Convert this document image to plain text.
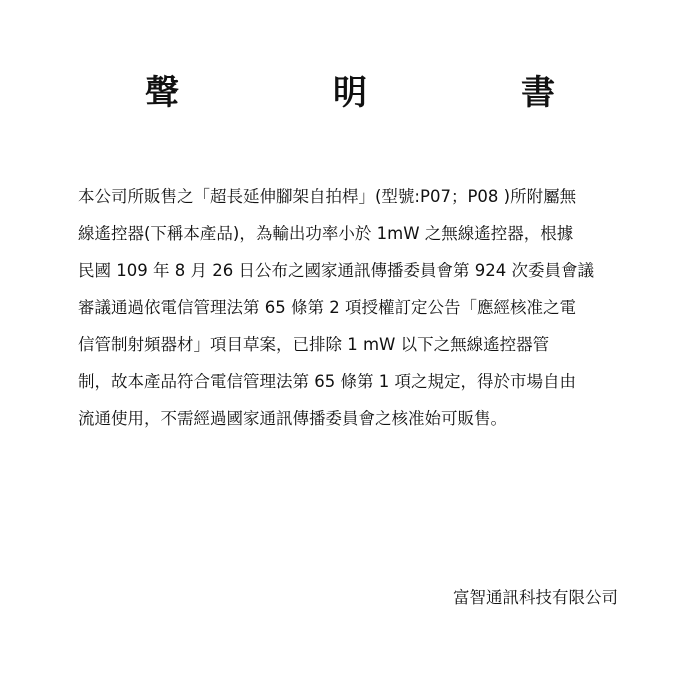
聲　明　書
本公司所販售之「超長延伸腳架自拍桿」(型號:P07；P08 )所附屬無
線遙控器(下稱本產品)，為輸出功率小於 1mW 之無線遙控器，根據
民國 109 年 8 月 26 日公布之國家通訊傳播委員會第 924 次委員會議
審議通過依電信管理法第 65 條第 2 項授權訂定公告「應經核准之電
信管制射頻器材」項目草案，已排除 1 mW 以下之無線遙控器管
制，故本產品符合電信管理法第 65 條第 1 項之規定，得於市場自由
流通使用，不需經過國家通訊傳播委員會之核准始可販售。
富智通訊科技有限公司
